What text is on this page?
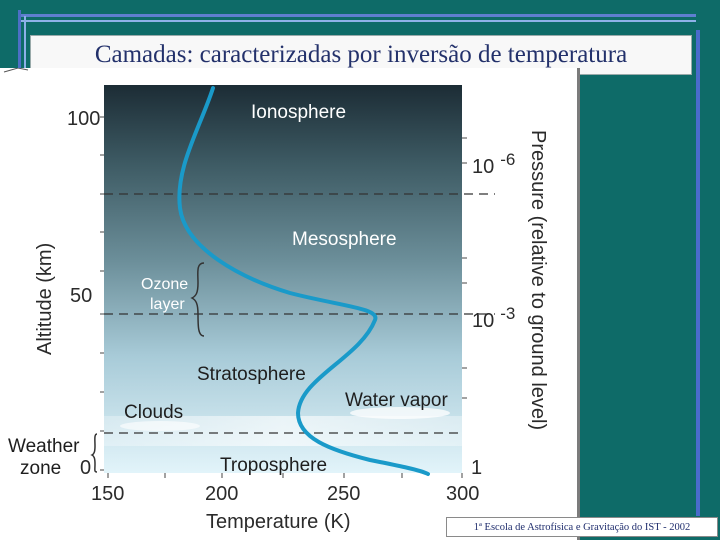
Camadas: caracterizadas por inversão de temperatura
Ionosphere
Mesosphere
Ozone
layer
Stratosphere
Water vapor
Clouds
Weather
zone	Troposphere
100
50
0
150	200	250	300
10 $^{-6}$
10 $^{-3}$
1
Temperature (K)
Altitude (km)	Pressure (relative to ground level)
1ª Escola de Astrofísica e Gravitação do IST - 2002
